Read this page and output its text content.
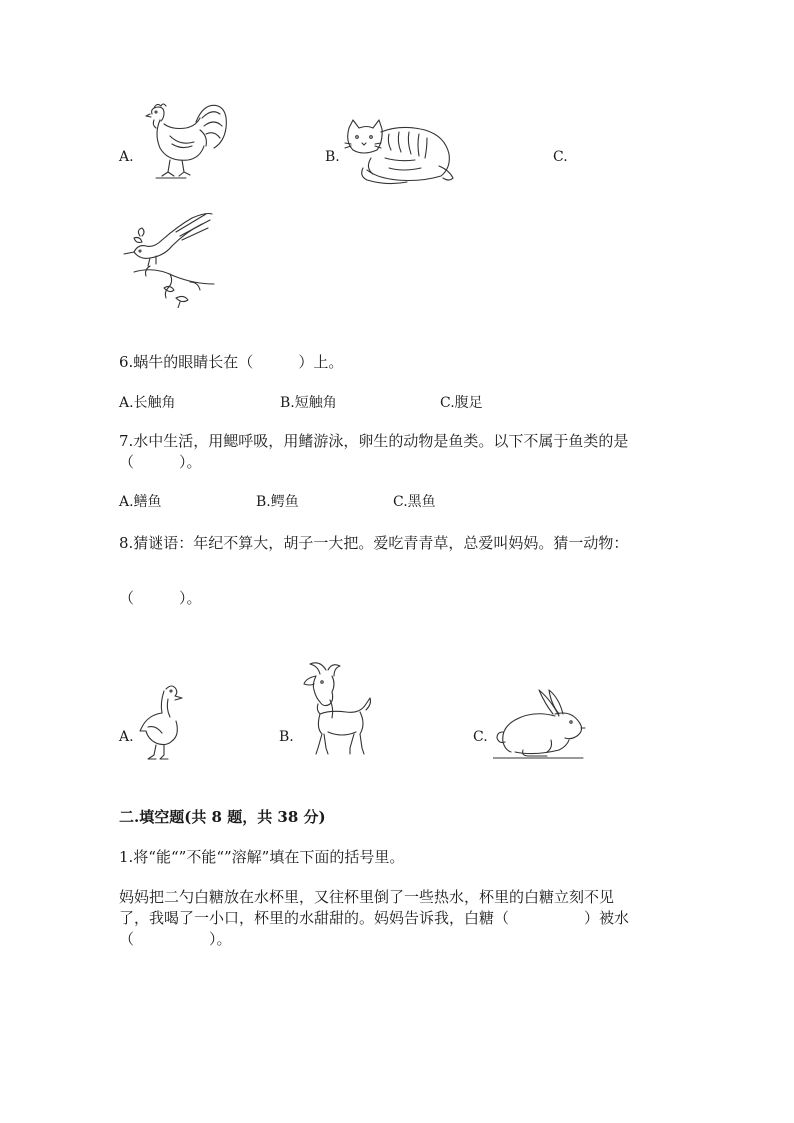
A.	B.	C.
6.蜗牛的眼睛长在（　　　）上。
A.长触角	B.短触角	C.腹足
7.水中生活，用鳃呼吸，用鳍游泳，卵生的动物是鱼类。以下不属于鱼类的是
（　　　）。
A.鳝鱼	B.鳄鱼	C.黑鱼
8.猜谜语：年纪不算大，胡子一大把。爱吃青青草，总爱叫妈妈。猜一动物：
（　　　）。
A.	B.	C.
二.填空题(共 8 题，共 38 分)
1.将“能“”不能“”溶解”填在下面的括号里。
妈妈把二勺白糖放在水杯里，又往杯里倒了一些热水，杯里的白糖立刻不见
了，我喝了一小口，杯里的水甜甜的。妈妈告诉我，白糖（　　　　　）被水
（　　　　　）。
